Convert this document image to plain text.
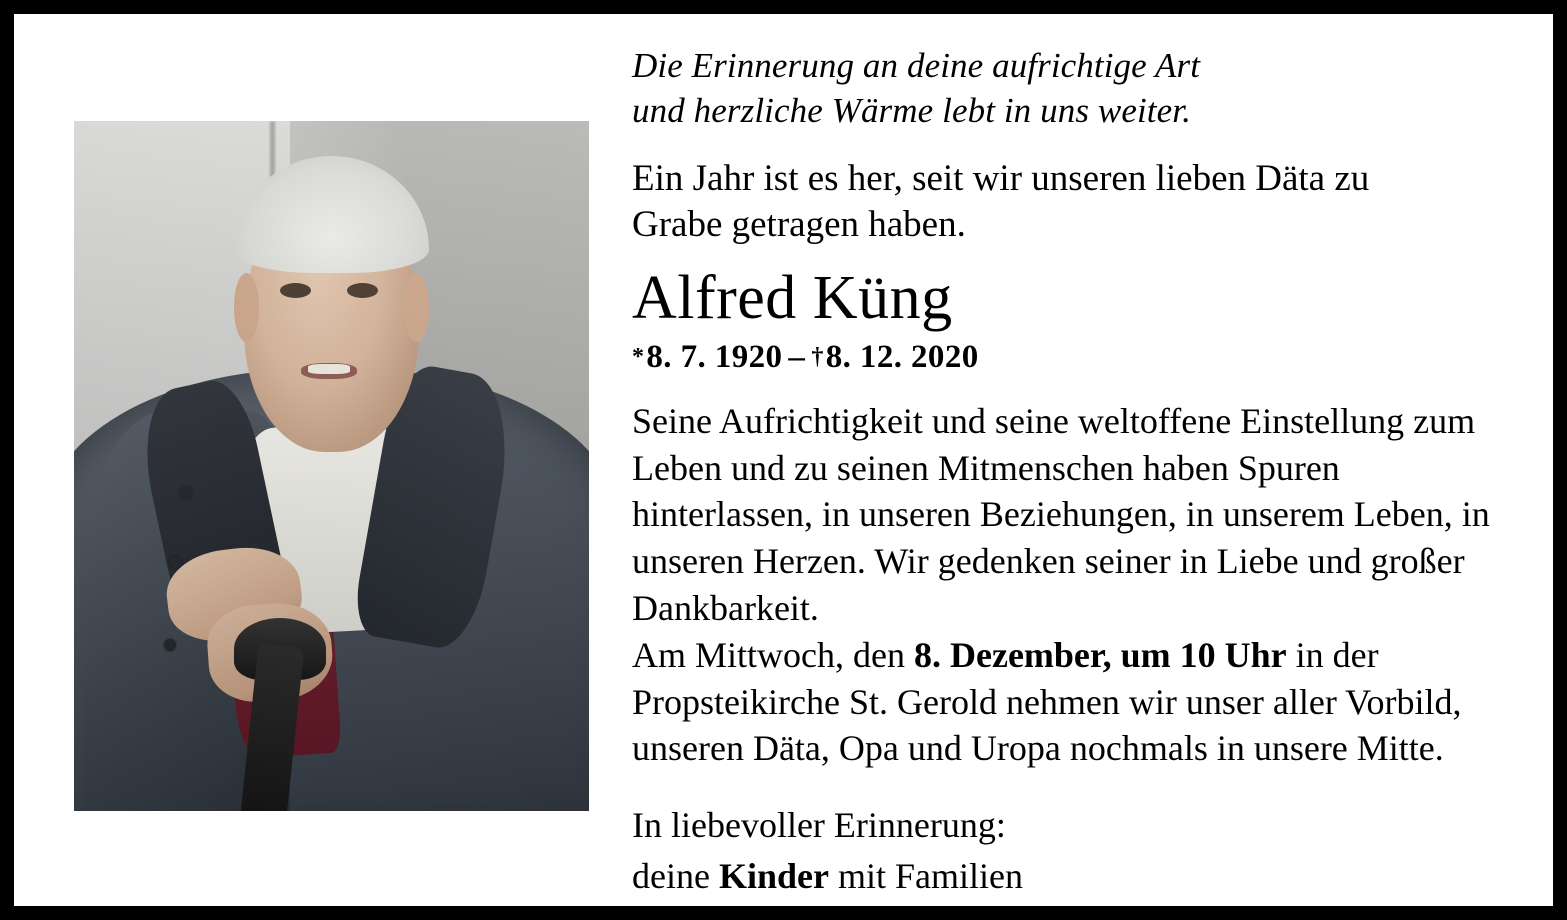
Die Erinnerung an deine aufrichtige Art
und herzliche Wärme lebt in uns weiter.
Ein Jahr ist es her, seit wir unseren lieben Däta zu
Grabe getragen haben.
Alfred Küng
*8. 7. 1920 – †8. 12. 2020
Seine Aufrichtigkeit und seine weltoffene Einstellung zum Leben und zu seinen Mitmenschen haben Spuren hinterlassen, in unseren Beziehungen, in unserem Leben, in unseren Herzen. Wir gedenken seiner in Liebe und großer Dankbarkeit.
Am Mittwoch, den 8. Dezember, um 10 Uhr in der Propsteikirche St. Gerold nehmen wir unser aller Vorbild, unseren Däta, Opa und Uropa nochmals in unsere Mitte.
In liebevoller Erinnerung:
deine Kinder mit Familien
